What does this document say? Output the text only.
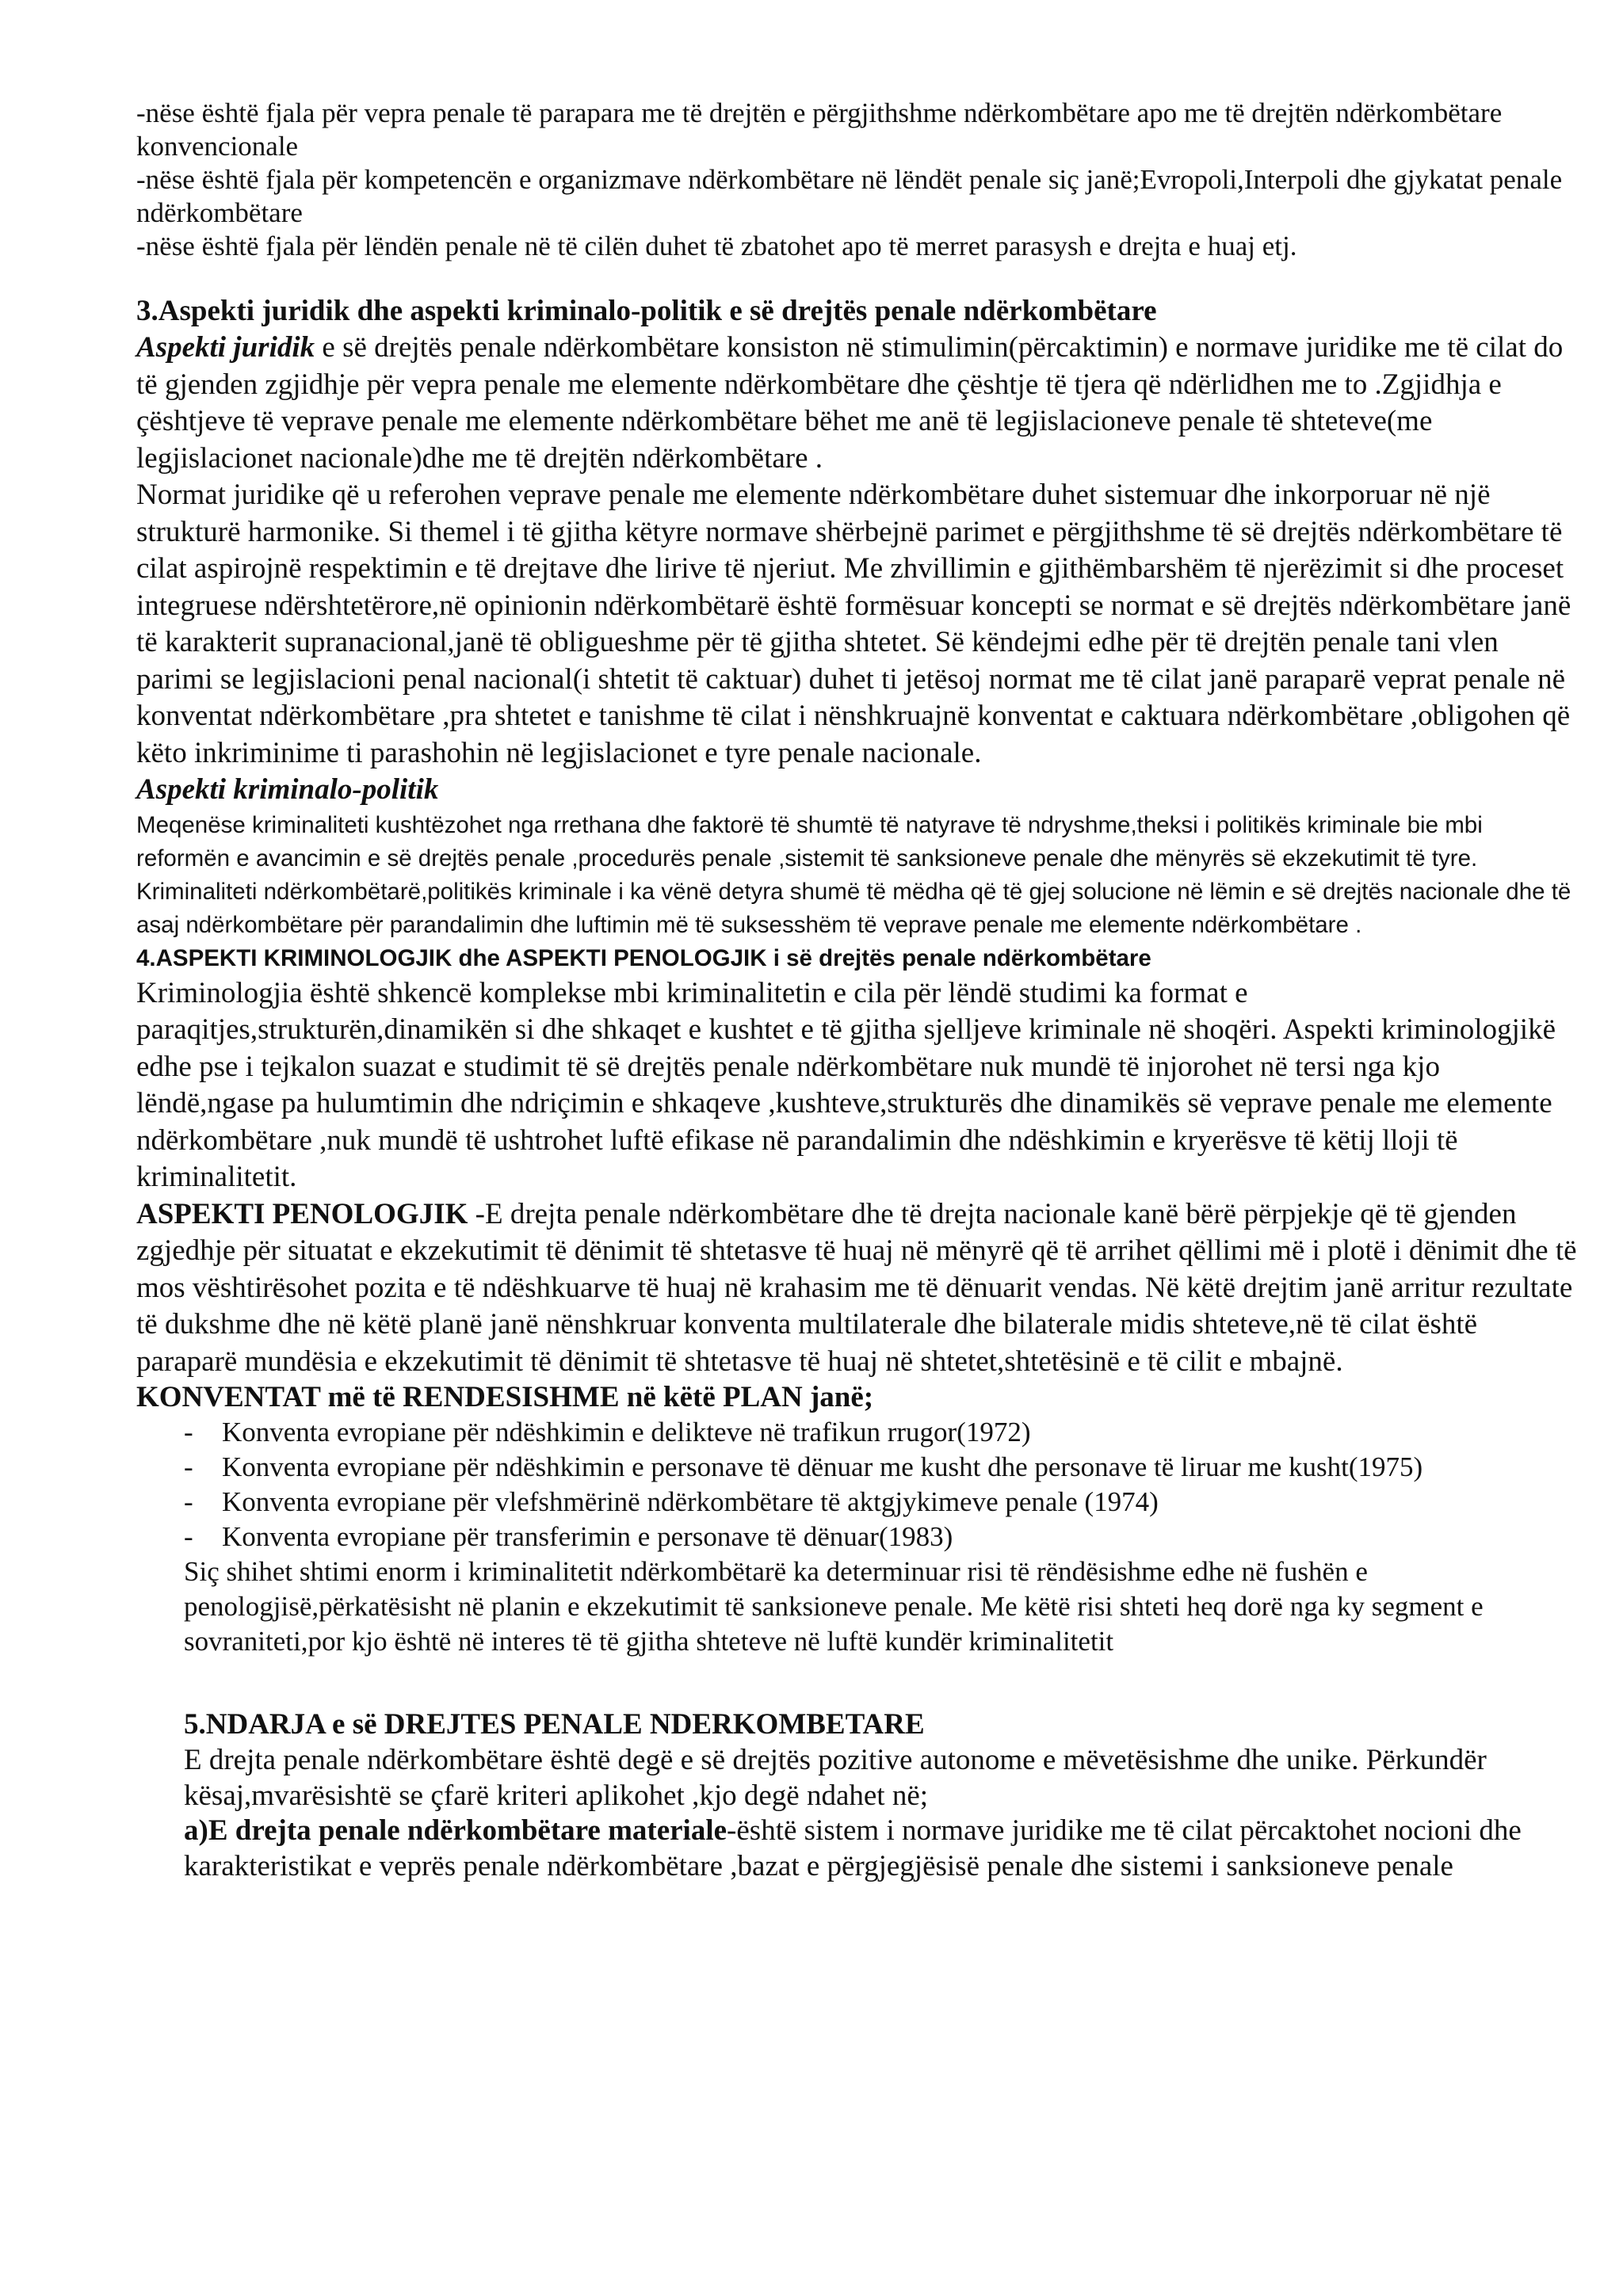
-nëse është fjala për vepra penale të parapara me të drejtën e përgjithshme ndërkombëtare apo me të drejtën ndërkombëtare konvencionale

-nëse është fjala për kompetencën e organizmave ndërkombëtare në lëndët penale siç janë;Evropoli,Interpoli dhe gjykatat penale ndërkombëtare

-nëse është fjala për lëndën penale në të cilën duhet të zbatohet apo të merret parasysh e drejta e huaj etj.

3.Aspekti juridik dhe aspekti kriminalo-politik e së drejtës penale ndërkombëtare

Aspekti juridik e së drejtës penale ndërkombëtare konsiston në stimulimin(përcaktimin) e normave juridike me të cilat do të gjenden zgjidhje për vepra penale me elemente ndërkombëtare dhe çështje të tjera që ndërlidhen me to .Zgjidhja e çështjeve të veprave penale me elemente ndërkombëtare bëhet me anë të legjislacioneve penale të shteteve(me legjislacionet nacionale)dhe me të drejtën ndërkombëtare .

Normat juridike që u referohen veprave penale me elemente ndërkombëtare duhet sistemuar dhe inkorporuar në një strukturë harmonike. Si themel i të gjitha këtyre normave shërbejnë parimet e përgjithshme të së drejtës ndërkombëtare të cilat aspirojnë respektimin e të drejtave dhe lirive të njeriut. Me zhvillimin e gjithëmbarshëm të njerëzimit si dhe proceset integruese ndërshtetërore,në opinionin ndërkombëtarë është formësuar koncepti se normat e së drejtës ndërkombëtare janë të karakterit supranacional,janë të obligueshme për të gjitha shtetet. Së këndejmi edhe për të drejtën penale tani vlen parimi se legjislacioni penal nacional(i shtetit të caktuar) duhet ti jetësoj normat me të cilat janë paraparë veprat penale në konventat ndërkombëtare ,pra shtetet e tanishme të cilat i nënshkruajnë konventat e caktuara ndërkombëtare ,obligohen që këto inkriminime ti parashohin në legjislacionet e tyre penale nacionale.

Aspekti kriminalo-politik

Meqenëse kriminaliteti kushtëzohet nga rrethana dhe faktorë të shumtë të natyrave të ndryshme,theksi i politikës kriminale bie mbi reformën e avancimin e së drejtës penale ,procedurës penale ,sistemit të sanksioneve penale dhe mënyrës së ekzekutimit të tyre. Kriminaliteti ndërkombëtarë,politikës kriminale i ka vënë detyra shumë të mëdha që të gjej solucione në lëmin e së drejtës nacionale dhe të asaj ndërkombëtare për parandalimin dhe luftimin më të suksesshëm të veprave penale me elemente ndërkombëtare .

4.ASPEKTI KRIMINOLOGJIK dhe ASPEKTI PENOLOGJIK i së drejtës penale ndërkombëtare

Kriminologjia është shkencë komplekse mbi kriminalitetin e cila për lëndë studimi ka format e paraqitjes,strukturën,dinamikën si dhe shkaqet e kushtet e të gjitha sjelljeve kriminale në shoqëri. Aspekti kriminologjikë edhe pse i tejkalon suazat e studimit të së drejtës penale ndërkombëtare nuk mundë të injorohet në tersi nga kjo lëndë,ngase pa hulumtimin dhe ndriçimin e shkaqeve ,kushteve,strukturës dhe dinamikës së veprave penale me elemente ndërkombëtare ,nuk mundë të ushtrohet luftë efikase në parandalimin dhe ndëshkimin e kryerësve të këtij lloji të kriminalitetit.

ASPEKTI PENOLOGJIK -E drejta penale ndërkombëtare dhe të drejta nacionale kanë bërë përpjekje që të gjenden zgjedhje për situatat e ekzekutimit të dënimit të shtetasve të huaj në mënyrë që të arrihet qëllimi më i plotë i dënimit dhe të mos vështirësohet pozita e të ndëshkuarve të huaj në krahasim me të dënuarit vendas. Në këtë drejtim janë arritur rezultate të dukshme dhe në këtë planë janë nënshkruar konventa multilaterale dhe bilaterale midis shteteve,në të cilat është paraparë mundësia e ekzekutimit të dënimit të shtetasve të huaj në shtetet,shtetësinë e të cilit e mbajnë.

KONVENTAT më të RENDESISHME në këtë PLAN janë;

- Konventa evropiane për ndëshkimin e delikteve në trafikun rrugor(1972)
- Konventa evropiane për ndëshkimin e personave të dënuar me kusht dhe personave të liruar me kusht(1975)
- Konventa evropiane për vlefshmërinë ndërkombëtare të aktgjykimeve penale (1974)
- Konventa evropiane për transferimin e personave të dënuar(1983)

Siç shihet shtimi enorm i kriminalitetit ndërkombëtarë ka determinuar risi të rëndësishme edhe në fushën e penologjisë,përkatësisht në planin e ekzekutimit të sanksioneve penale. Me këtë risi shteti heq dorë nga ky segment e sovraniteti,por kjo është në interes të të gjitha shteteve në luftë kundër kriminalitetit

5.NDARJA e së DREJTES PENALE NDERKOMBETARE

E drejta penale ndërkombëtare është degë e së drejtës pozitive autonome e mëvetësishme dhe unike. Përkundër kësaj,mvarësishtë se çfarë kriteri aplikohet ,kjo degë ndahet në;

a)E drejta penale ndërkombëtare materiale-është sistem i normave juridike me të cilat përcaktohet nocioni dhe karakteristikat e veprës penale ndërkombëtare ,bazat e përgjegjësisë penale dhe sistemi i sanksioneve penale
